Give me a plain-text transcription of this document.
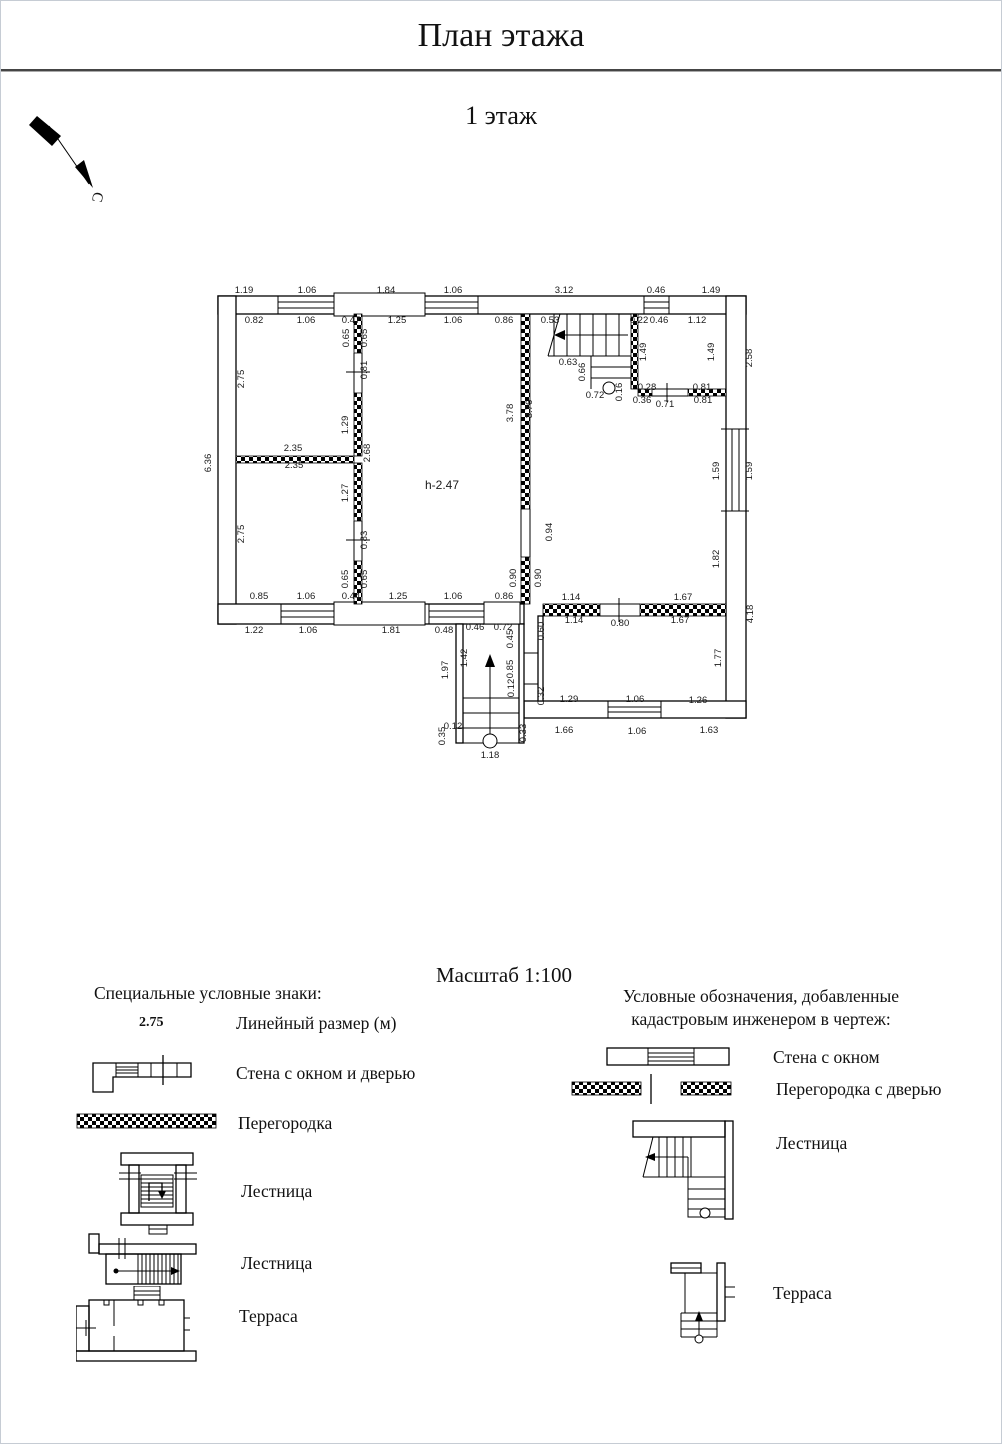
План этажа
1 этаж
С
h-2.47
1.19	1.06	1.84	1.06	3.12	0.46	1.49
0.82	1.06	0.47	1.25	1.06	0.86	0.53	0.22 0.46 1.12
6.36
2.75
2.75
0.65 0.65
0.81
1.29
2.68
1.27
0.83
0.65 0.65
2.35
2.35
3.78 3.76
0.94
0.90 0.90
0.63
0.66
0.72 0.16
1.49	1.49	2.58
0.28
0.36 0.71
0.81
0.81
1.59 1.59
1.82
4.18
0.85	1.06	0.44	1.25	1.06	0.86
1.22	1.06	1.81	0.48 0.46 0.72
1.14	1.67
1.14	0.80	1.67
0.45
1.42
1.97	0.85
0.12
0.12
0.35	0.33
1.18
0.60
0.32
1.77
1.29	1.06	1.26
1.66	1.06	1.63
Масштаб 1:100
Специальные условные знаки:
2.75	Линейный размер (м)
Стена с окном и дверью
Перегородка
Лестница
Лестница
Терраса
Условные обозначения, добавленные
кадастровым инженером в чертеж:
Стена с окном
Перегородка с дверью
Лестница
Терраса
